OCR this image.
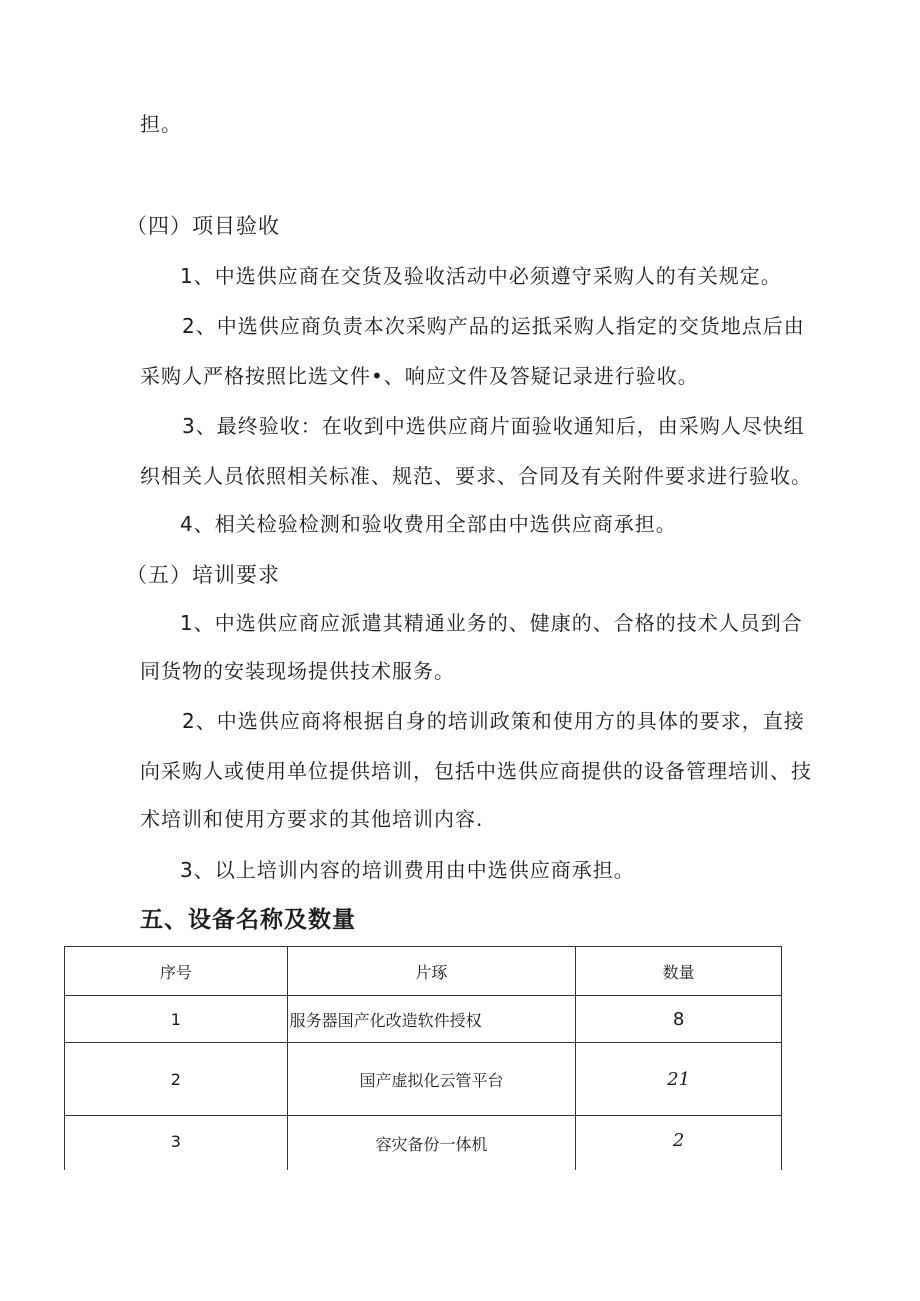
担。
（四）项目验收
1、中选供应商在交货及验收活动中必须遵守采购人的有关规定。
2、中选供应商负责本次采购产品的运抵采购人指定的交货地点后由
采购人严格按照比选文件•、响应文件及答疑记录进行验收。
3、最终验收：在收到中选供应商片面验收通知后，由采购人尽快组
织相关人员依照相关标准、规范、要求、合同及有关附件要求进行验收。
4、相关检验检测和验收费用全部由中选供应商承担。
（五）培训要求
1、中选供应商应派遣其精通业务的、健康的、合格的技术人员到合
同货物的安装现场提供技术服务。
2、中选供应商将根据自身的培训政策和使用方的具体的要求，直接
向采购人或使用单位提供培训，包括中选供应商提供的设备管理培训、技
术培训和使用方要求的其他培训内容.
3、以上培训内容的培训费用由中选供应商承担。
五、设备名称及数量
序号	片琢	数量
1	服务器国产化改造软件授权	8
2	国产虚拟化云管平台	21
3	容灾备份一体机	2
